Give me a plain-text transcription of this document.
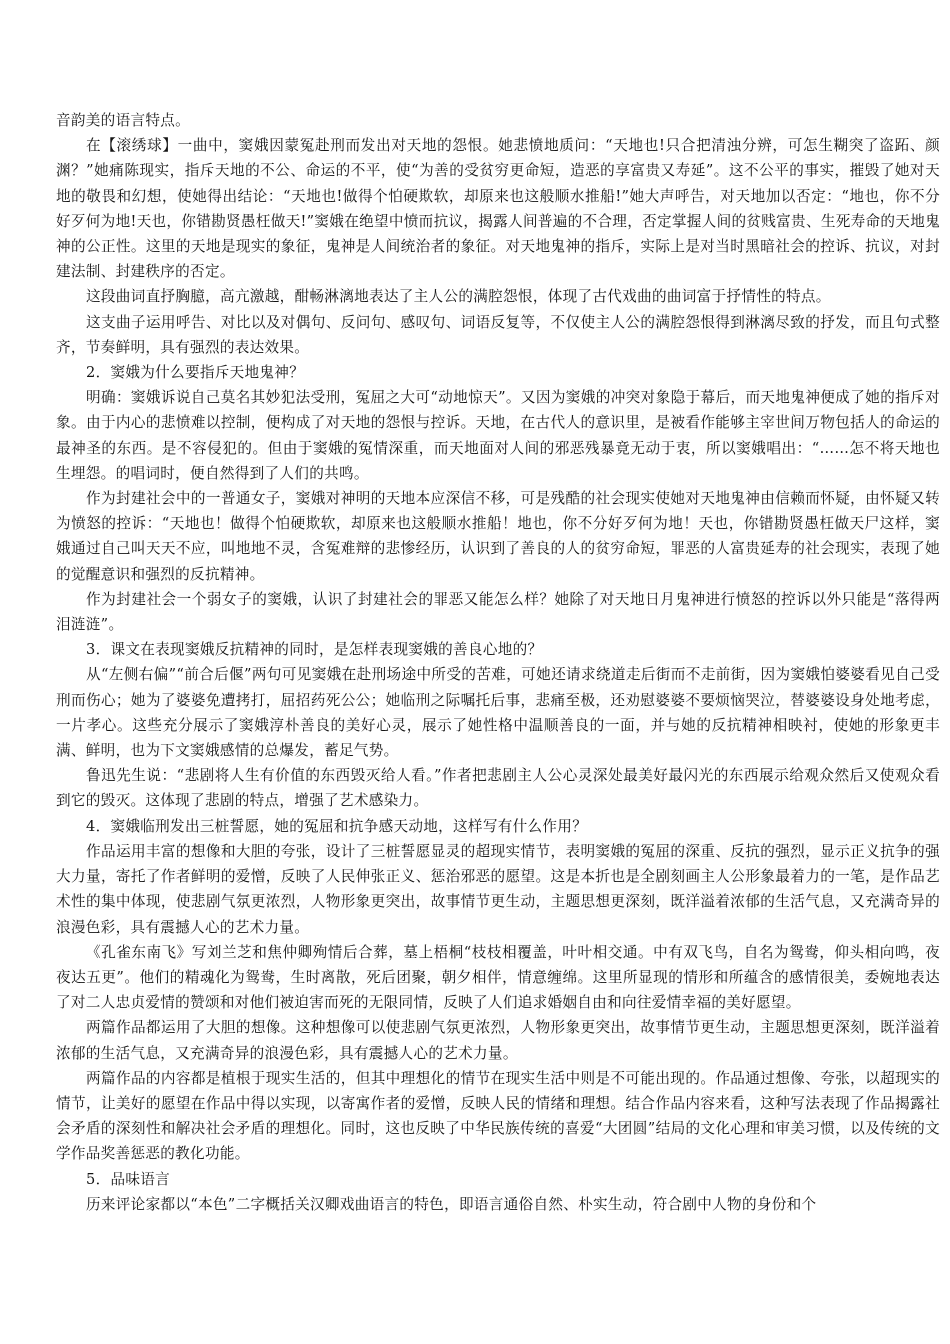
音韵美的语言特点。

在【滚绣球】一曲中，窦娥因蒙冤赴刑而发出对天地的怨恨。她悲愤地质问：“天地也!只合把清浊分辨，可怎生糊突了盗跖、颜渊？”她痛陈现实，指斥天地的不公、命运的不平，使“为善的受贫穷更命短，造恶的享富贵又寿延”。这不公平的事实，摧毁了她对天地的敬畏和幻想，使她得出结论：“天地也!做得个怕硬欺软，却原来也这般顺水推船!”她大声呼告，对天地加以否定：“地也，你不分好歹何为地!天也，你错勘贤愚枉做天!”窦娥在绝望中愤而抗议，揭露人间普遍的不合理，否定掌握人间的贫贱富贵、生死寿命的天地鬼神的公正性。这里的天地是现实的象征，鬼神是人间统治者的象征。对天地鬼神的指斥，实际上是对当时黑暗社会的控诉、抗议，对封建法制、封建秩序的否定。

这段曲词直抒胸臆，高亢激越，酣畅淋漓地表达了主人公的满腔怨恨，体现了古代戏曲的曲词富于抒情性的特点。

这支曲子运用呼告、对比以及对偶句、反问句、感叹句、词语反复等，不仅使主人公的满腔怨恨得到淋漓尽致的抒发，而且句式整齐，节奏鲜明，具有强烈的表达效果。

2．窦娥为什么要指斥天地鬼神？

明确：窦娥诉说自己莫名其妙犯法受刑，冤屈之大可“动地惊天”。又因为窦娥的冲突对象隐于幕后，而天地鬼神便成了她的指斥对象。由于内心的悲愤难以控制，便构成了对天地的怨恨与控诉。天地，在古代人的意识里，是被看作能够主宰世间万物包括人的命运的最神圣的东西。是不容侵犯的。但由于窦娥的冤情深重，而天地面对人间的邪恶残暴竟无动于衷，所以窦娥唱出：“……怎不将天地也生埋怨。的唱词时，便自然得到了人们的共鸣。

作为封建社会中的一普通女子，窦娥对神明的天地本应深信不移，可是残酷的社会现实使她对天地鬼神由信赖而怀疑，由怀疑又转为愤怒的控诉：“天地也！做得个怕硬欺软，却原来也这般顺水推船！地也，你不分好歹何为地！天也，你错勘贤愚枉做天尸这样，窦娥通过自己叫天天不应，叫地地不灵，含冤难辩的悲惨经历，认识到了善良的人的贫穷命短，罪恶的人富贵延寿的社会现实，表现了她的觉醒意识和强烈的反抗精神。

作为封建社会一个弱女子的窦娥，认识了封建社会的罪恶又能怎么样？她除了对天地日月鬼神进行愤怒的控诉以外只能是“落得两泪涟涟”。

3．课文在表现窦娥反抗精神的同时，是怎样表现窦娥的善良心地的？

从“左侧右偏”“前合后偃”两句可见窦娥在赴刑场途中所受的苦难，可她还请求绕道走后街而不走前街，因为窦娥怕婆婆看见自己受刑而伤心；她为了婆婆免遭拷打，屈招药死公公；她临刑之际嘱托后事，悲痛至极，还劝慰婆婆不要烦恼哭泣，替婆婆设身处地考虑，一片孝心。这些充分展示了窦娥淳朴善良的美好心灵，展示了她性格中温顺善良的一面，并与她的反抗精神相映衬，使她的形象更丰满、鲜明，也为下文窦娥感情的总爆发，蓄足气势。

鲁迅先生说：“悲剧将人生有价值的东西毁灭给人看。”作者把悲剧主人公心灵深处最美好最闪光的东西展示给观众然后又使观众看到它的毁灭。这体现了悲剧的特点，增强了艺术感染力。

4．窦娥临刑发出三桩誓愿，她的冤屈和抗争感天动地，这样写有什么作用？

作品运用丰富的想像和大胆的夸张，设计了三桩誓愿显灵的超现实情节，表明窦娥的冤屈的深重、反抗的强烈，显示正义抗争的强大力量，寄托了作者鲜明的爱憎，反映了人民伸张正义、惩治邪恶的愿望。这是本折也是全剧刻画主人公形象最着力的一笔，是作品艺术性的集中体现，使悲剧气氛更浓烈，人物形象更突出，故事情节更生动，主题思想更深刻，既洋溢着浓郁的生活气息，又充满奇异的浪漫色彩，具有震撼人心的艺术力量。

《孔雀东南飞》写刘兰芝和焦仲卿殉情后合葬，墓上梧桐“枝枝相覆盖，叶叶相交通。中有双飞鸟，自名为鸳鸯，仰头相向鸣，夜夜达五更”。他们的精魂化为鸳鸯，生时离散，死后团聚，朝夕相伴，情意缠绵。这里所显现的情形和所蕴含的感情很美，委婉地表达了对二人忠贞爱情的赞颂和对他们被迫害而死的无限同情，反映了人们追求婚姻自由和向往爱情幸福的美好愿望。

两篇作品都运用了大胆的想像。这种想像可以使悲剧气氛更浓烈，人物形象更突出，故事情节更生动，主题思想更深刻，既洋溢着浓郁的生活气息，又充满奇异的浪漫色彩，具有震撼人心的艺术力量。

两篇作品的内容都是植根于现实生活的，但其中理想化的情节在现实生活中则是不可能出现的。作品通过想像、夸张，以超现实的情节，让美好的愿望在作品中得以实现，以寄寓作者的爱憎，反映人民的情绪和理想。结合作品内容来看，这种写法表现了作品揭露社会矛盾的深刻性和解决社会矛盾的理想化。同时，这也反映了中华民族传统的喜爱“大团圆”结局的文化心理和审美习惯，以及传统的文学作品奖善惩恶的教化功能。

5．品味语言

历来评论家都以“本色”二字概括关汉卿戏曲语言的特色，即语言通俗自然、朴实生动，符合剧中人物的身份和个
